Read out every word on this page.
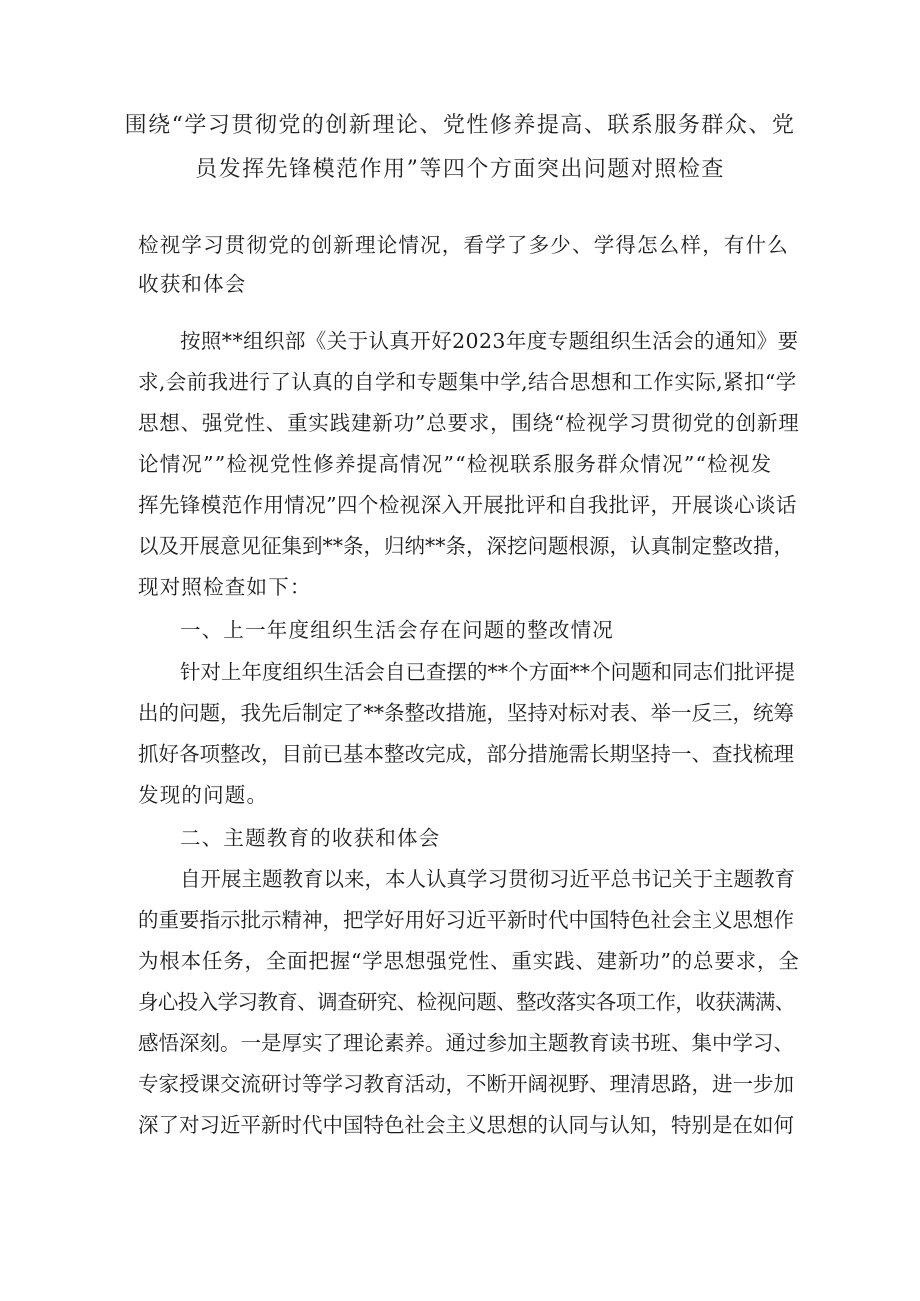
围绕“学习贯彻党的创新理论、党性修养提高、联系服务群众、党
员发挥先锋模范作用”等四个方面突出问题对照检查
检视学习贯彻党的创新理论情况，看学了多少、学得怎么样，有什么
收获和体会
按照**组织部《关于认真开好2023年度专题组织生活会的通知》要
求,会前我进行了认真的自学和专题集中学,结合思想和工作实际,紧扣“学
思想、强党性、重实践建新功”总要求，围绕“检视学习贯彻党的创新理
论情况””检视党性修养提高情况”“检视联系服务群众情况”“检视发
挥先锋模范作用情况”四个检视深入开展批评和自我批评，开展谈心谈话
以及开展意见征集到**条，归纳**条，深挖问题根源，认真制定整改措，
现对照检查如下：
一、上一年度组织生活会存在问题的整改情况
针对上年度组织生活会自已查摆的**个方面**个问题和同志们批评提
出的问题，我先后制定了**条整改措施，坚持对标对表、举一反三，统筹
抓好各项整改，目前已基本整改完成，部分措施需长期坚持一、查找梳理
发现的问题。
二、主题教育的收获和体会
自开展主题教育以来，本人认真学习贯彻习近平总书记关于主题教育
的重要指示批示精神，把学好用好习近平新时代中国特色社会主义思想作
为根本任务，全面把握“学思想强党性、重实践、建新功”的总要求，全
身心投入学习教育、调查研究、检视问题、整改落实各项工作，收获满满、
感悟深刻。一是厚实了理论素养。通过参加主题教育读书班、集中学习、
专家授课交流研讨等学习教育活动，不断开阔视野、理清思路，进一步加
深了对习近平新时代中国特色社会主义思想的认同与认知，特别是在如何
